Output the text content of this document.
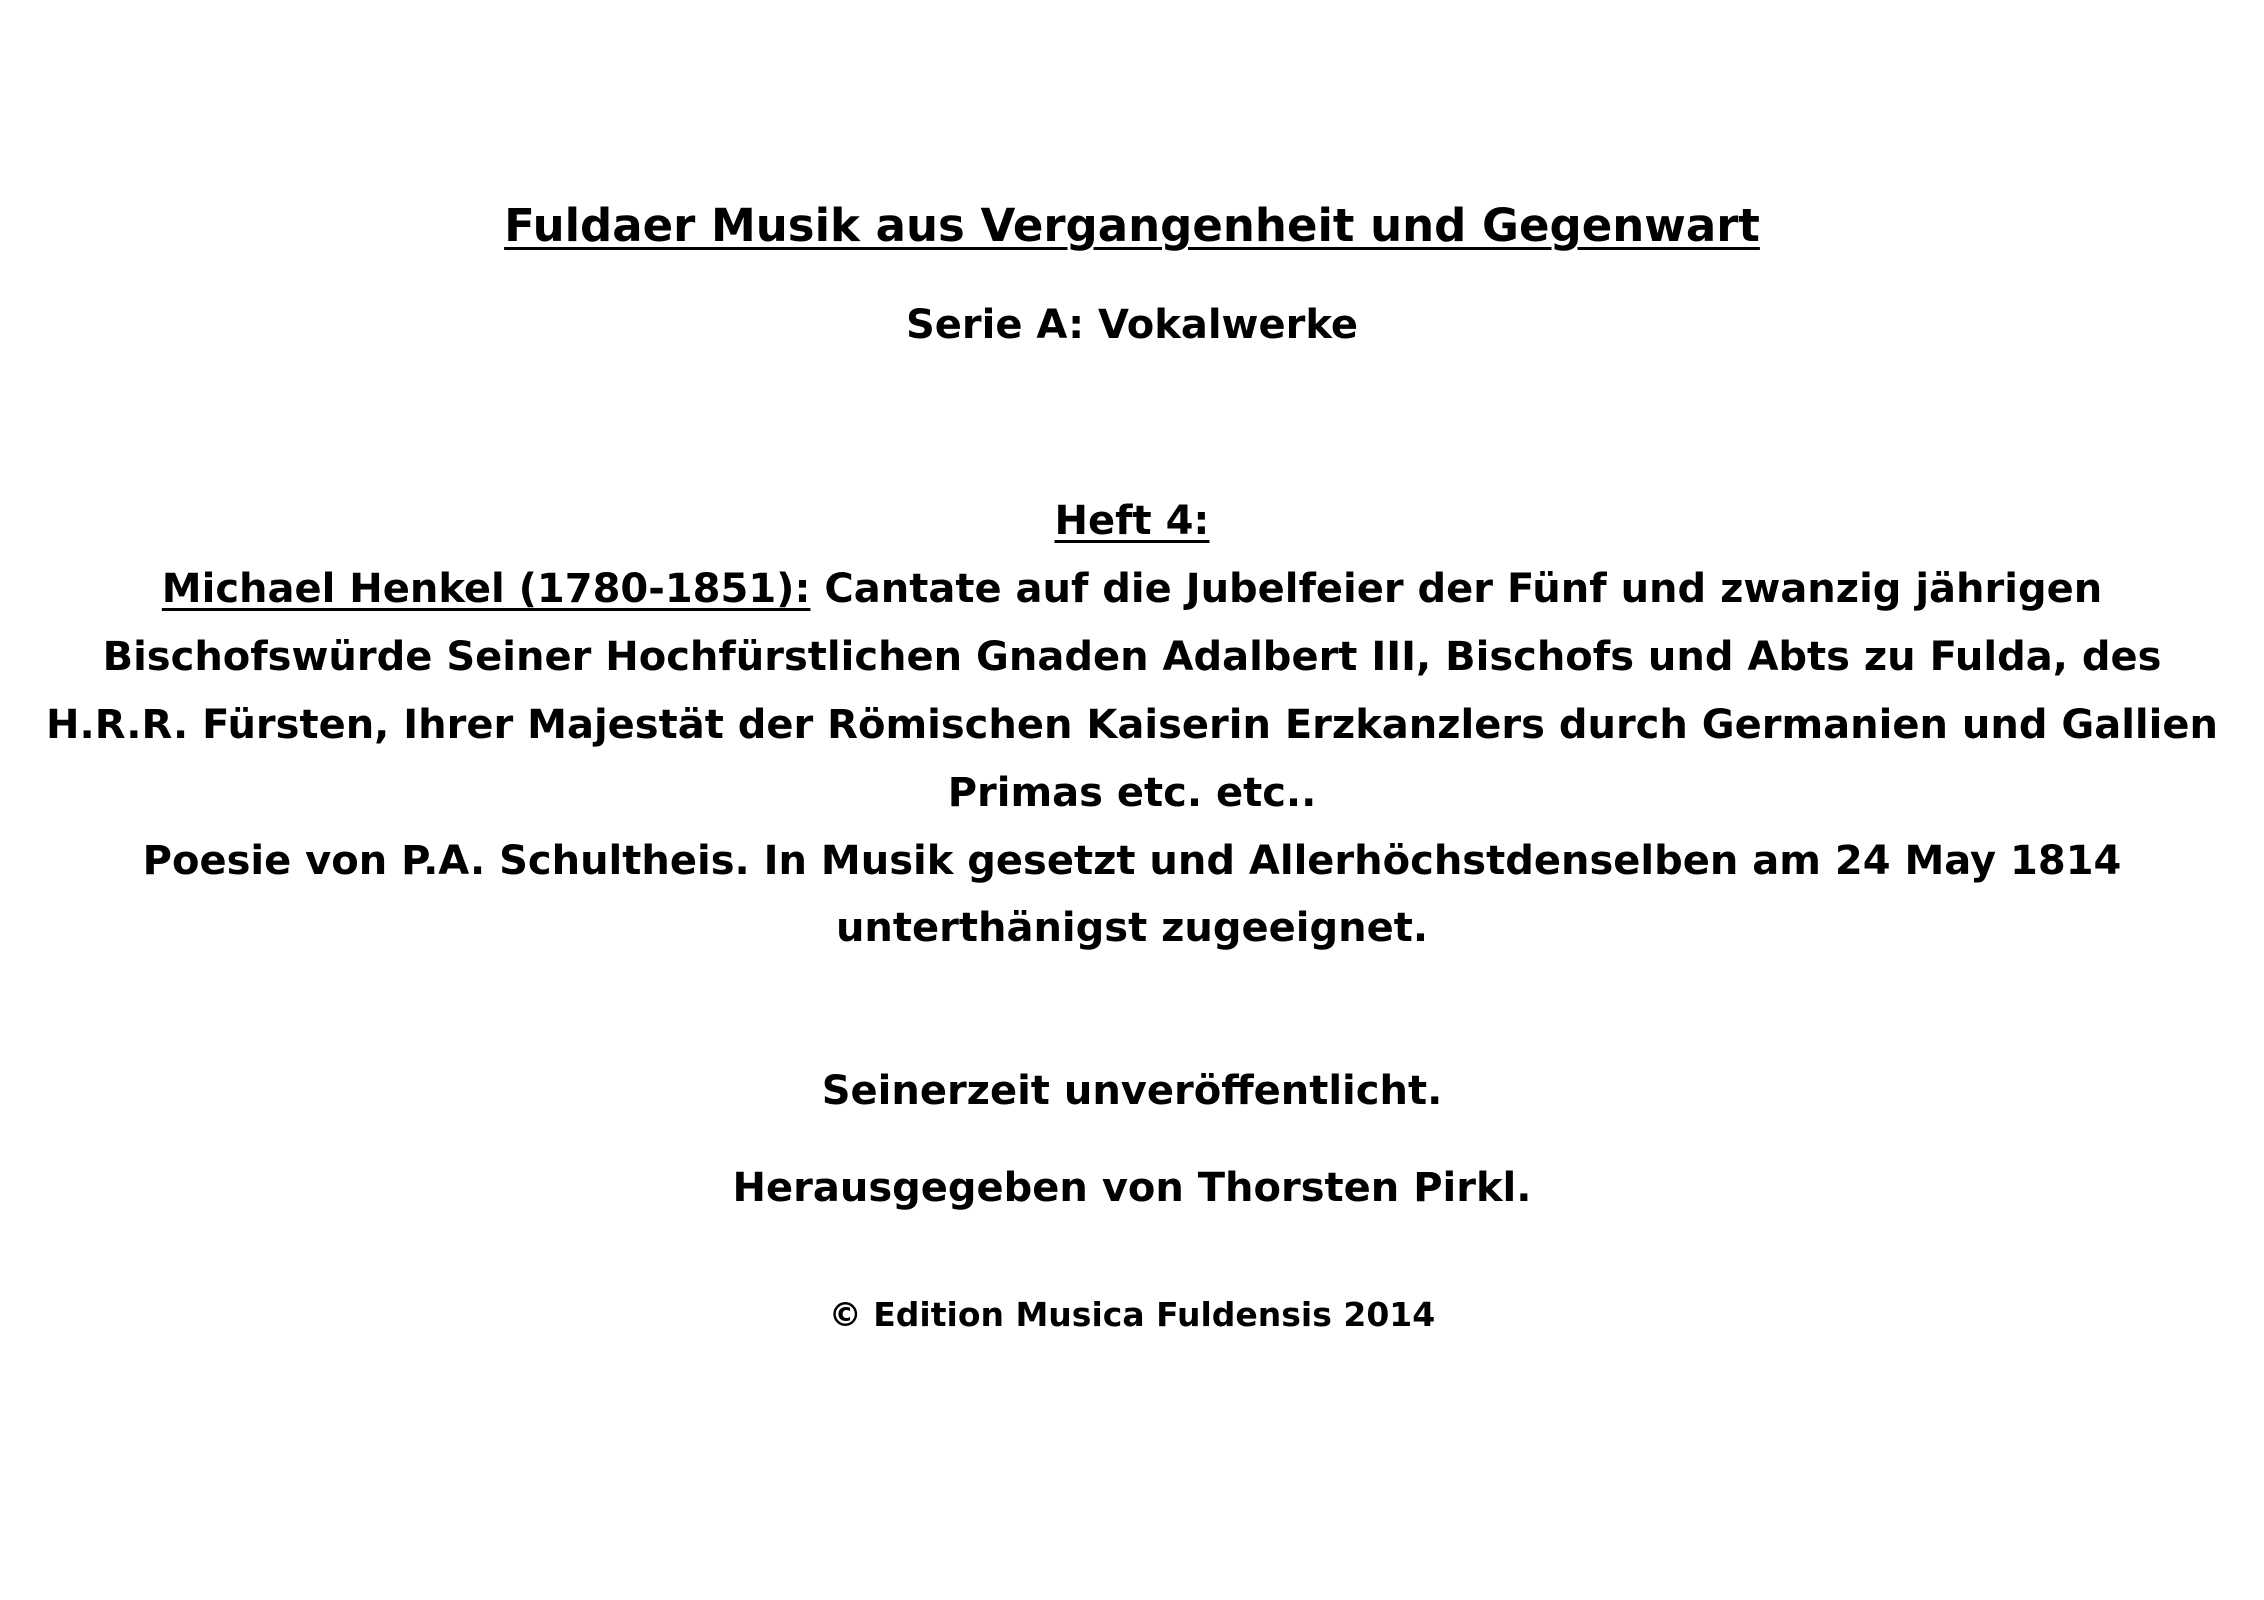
Fuldaer Musik aus Vergangenheit und Gegenwart
Serie A: Vokalwerke
Heft 4:
Michael Henkel (1780-1851): Cantate auf die Jubelfeier der Fünf und zwanzig jährigen
Bischofswürde Seiner Hochfürstlichen Gnaden Adalbert III, Bischofs und Abts zu Fulda, des
H.R.R. Fürsten, Ihrer Majestät der Römischen Kaiserin Erzkanzlers durch Germanien und Gallien
Primas etc. etc..
Poesie von P.A. Schultheis. In Musik gesetzt und Allerhöchstdenselben am 24 May 1814
unterthänigst zugeeignet.
Seinerzeit unveröffentlicht.
Herausgegeben von Thorsten Pirkl.
© Edition Musica Fuldensis 2014
